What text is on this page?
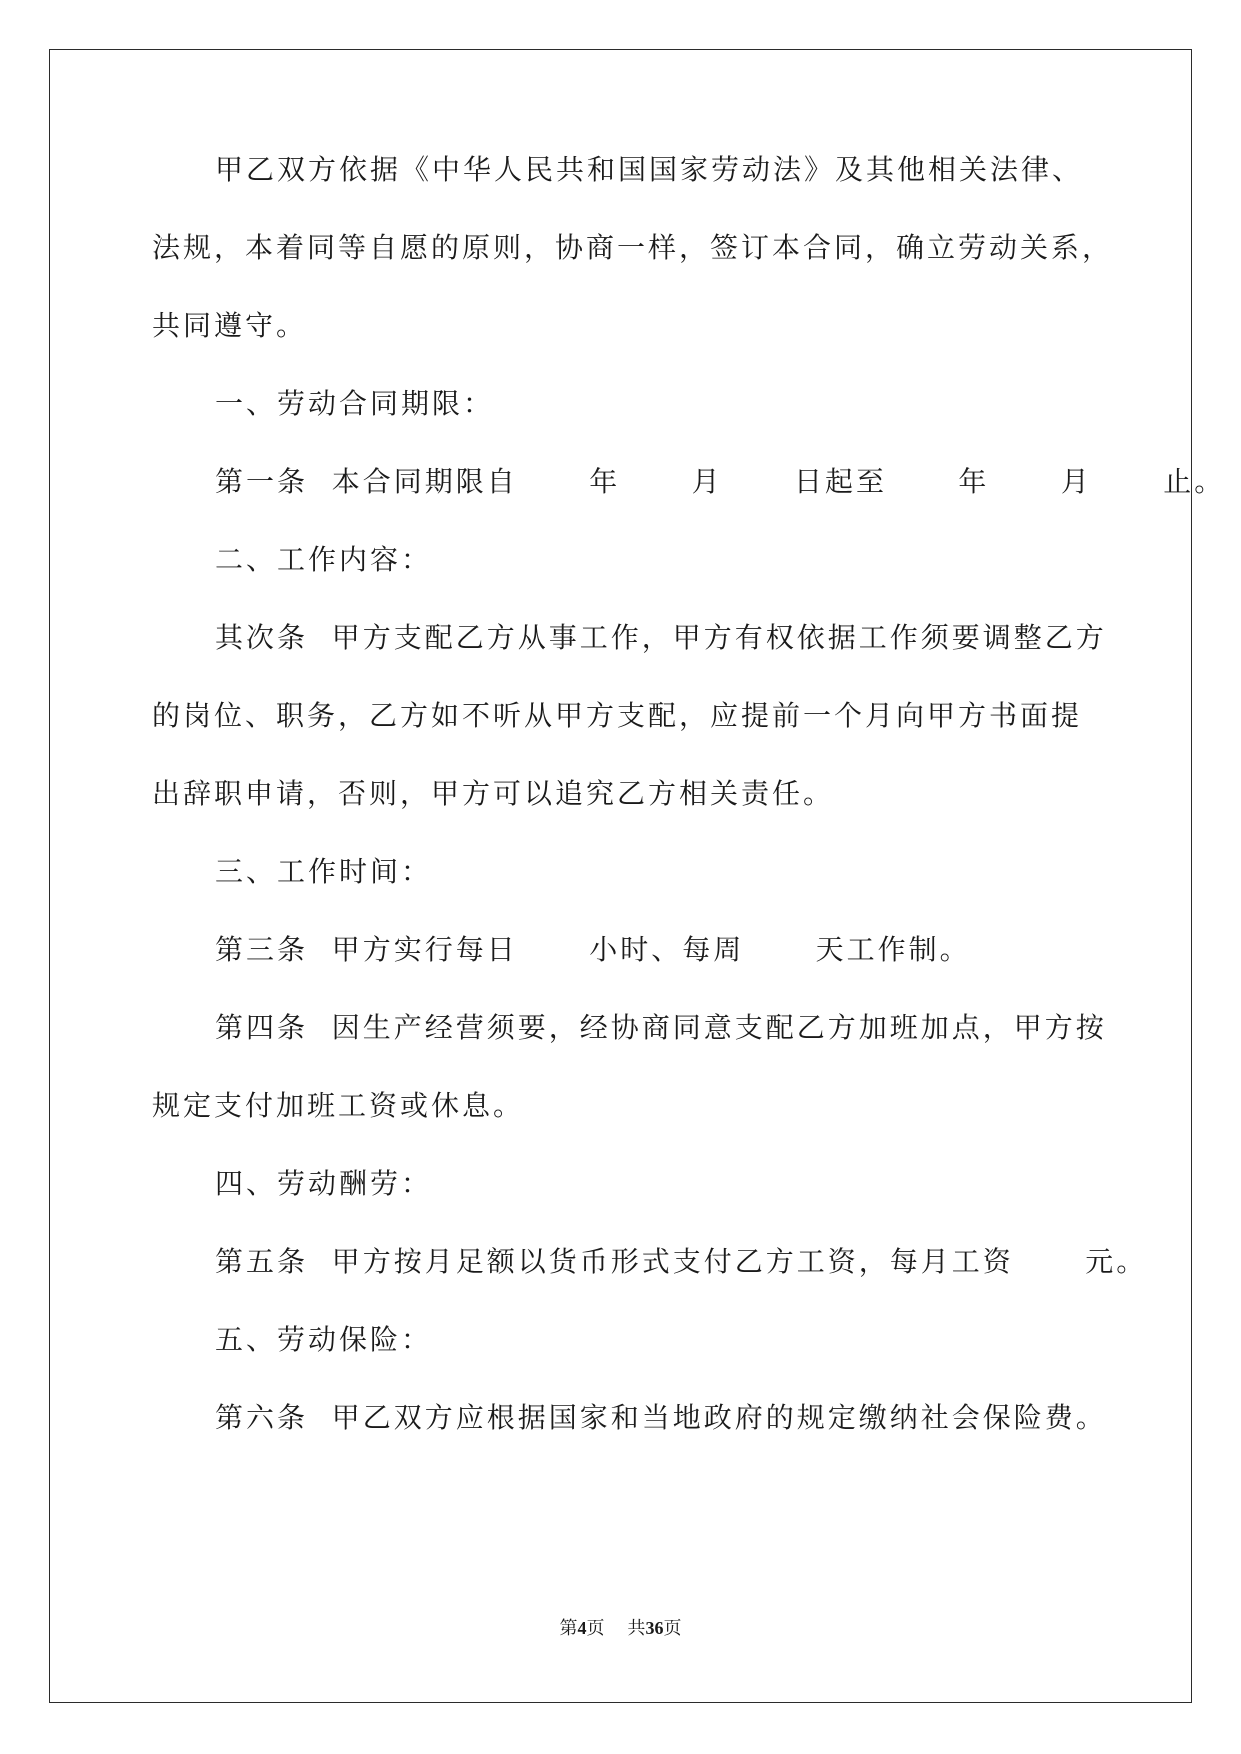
甲乙双方依据《中华人民共和国国家劳动法》及其他相关法律、
法规，本着同等自愿的原则，协商一样，签订本合同，确立劳动关系，
共同遵守。
一、劳动合同期限：
第一条  本合同期限自      年      月      日起至      年      月      止。
二、工作内容：
其次条  甲方支配乙方从事工作，甲方有权依据工作须要调整乙方
的岗位、职务，乙方如不听从甲方支配，应提前一个月向甲方书面提
出辞职申请，否则，甲方可以追究乙方相关责任。
三、工作时间：
第三条  甲方实行每日      小时、每周      天工作制。
第四条  因生产经营须要，经协商同意支配乙方加班加点，甲方按
规定支付加班工资或休息。
四、劳动酬劳：
第五条  甲方按月足额以货币形式支付乙方工资，每月工资      元。
五、劳动保险：
第六条  甲乙双方应根据国家和当地政府的规定缴纳社会保险费。
第4页    共36页
